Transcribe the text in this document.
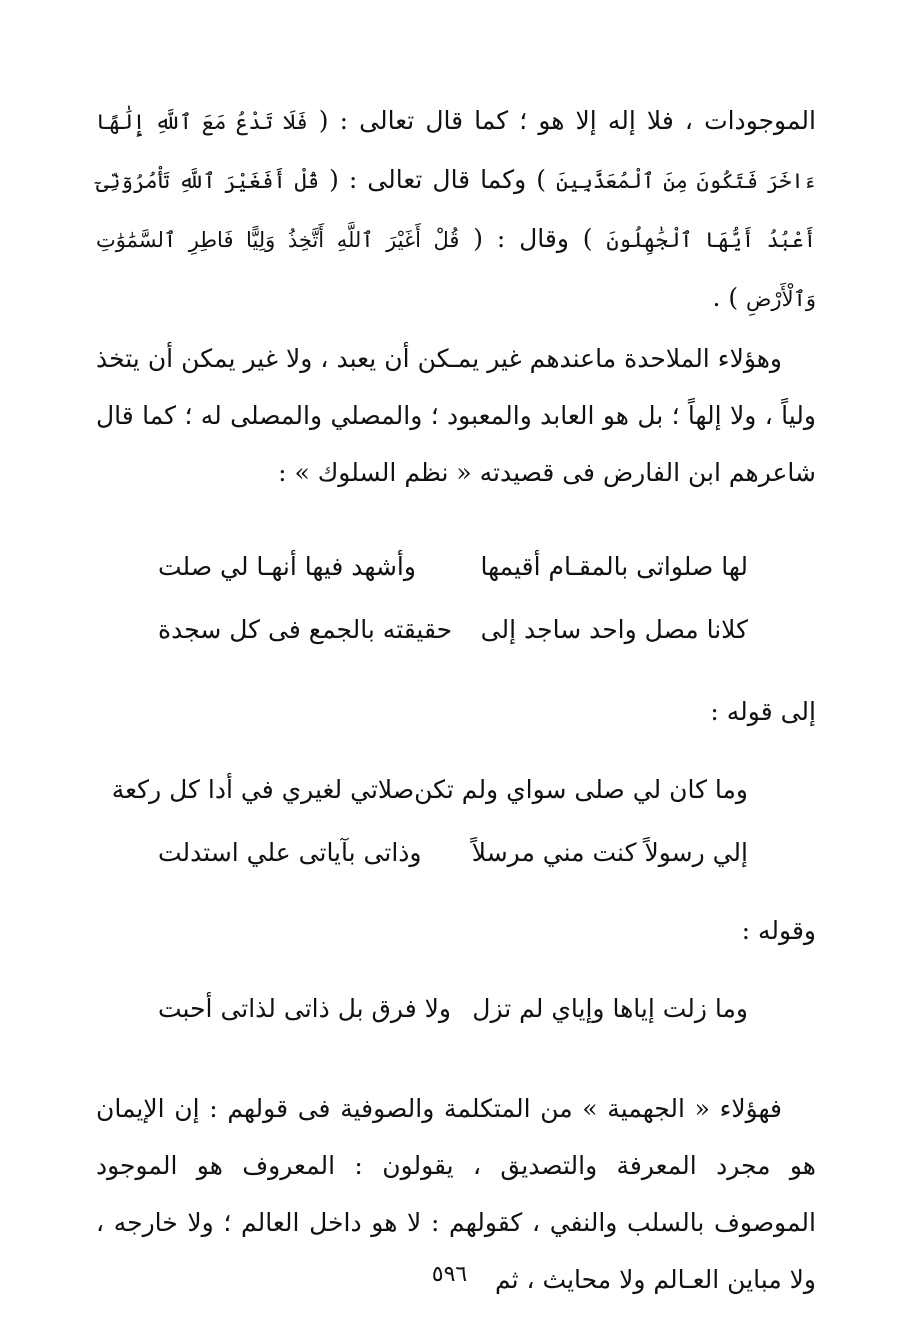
الموجودات ، فلا إله إلا هو ؛ كما قال تعالى : ( فَلَا تَدْعُ مَعَ ٱللَّهِ إِلَٰهًا ءَاخَرَ فَتَكُونَ مِنَ ٱلْمُعَذَّبِينَ ) وكما قال تعالى : ( قُلْ أَفَغَيْرَ ٱللَّهِ تَأْمُرُوٓنِّىٓ أَعْبُدُ أَيُّهَا ٱلْجَٰهِلُونَ ) وقال : ( قُلْ أَغَيْرَ ٱللَّهِ أَتَّخِذُ وَلِيًّا فَاطِرِ ٱلسَّمَٰوَٰتِ وَٱلْأَرْضِ ) .

وهؤلاء الملاحدة ماعندهم غير يمـكن أن يعبد ، ولا غير يمكن أن يتخذ ولياً ، ولا إلهاً ؛ بل هو العابد والمعبود ؛ والمصلي والمصلى له ؛ كما قال شاعرهم ابن الفارض فى قصيدته « نظم السلوك » :

لها صلواتى بالمقـام أقيمها
وأشهد فيها أنهـا لي صلت
كلانا مصل واحد ساجد إلى
حقيقته بالجمع فى كل سجدة

إلى قوله :

وما كان لي صلى سواي ولم تكن
صلاتي لغيري في أدا كل ركعة
إلي رسولاً كنت مني مرسلاً
وذاتى بآياتى علي استدلت

وقوله :

وما زلت إياها وإياي لم تزل
ولا فرق بل ذاتى لذاتى أحبت

فهؤلاء « الجهمية » من المتكلمة والصوفية فى قولهم : إن الإيمان هو مجرد المعرفة والتصديق ، يقولون : المعروف هو الموجود الموصوف بالسلب والنفي ، كقولهم : لا هو داخل العالم ؛ ولا خارجه ، ولا مباين العـالم ولا محايث ، ثم

٥٩٦
